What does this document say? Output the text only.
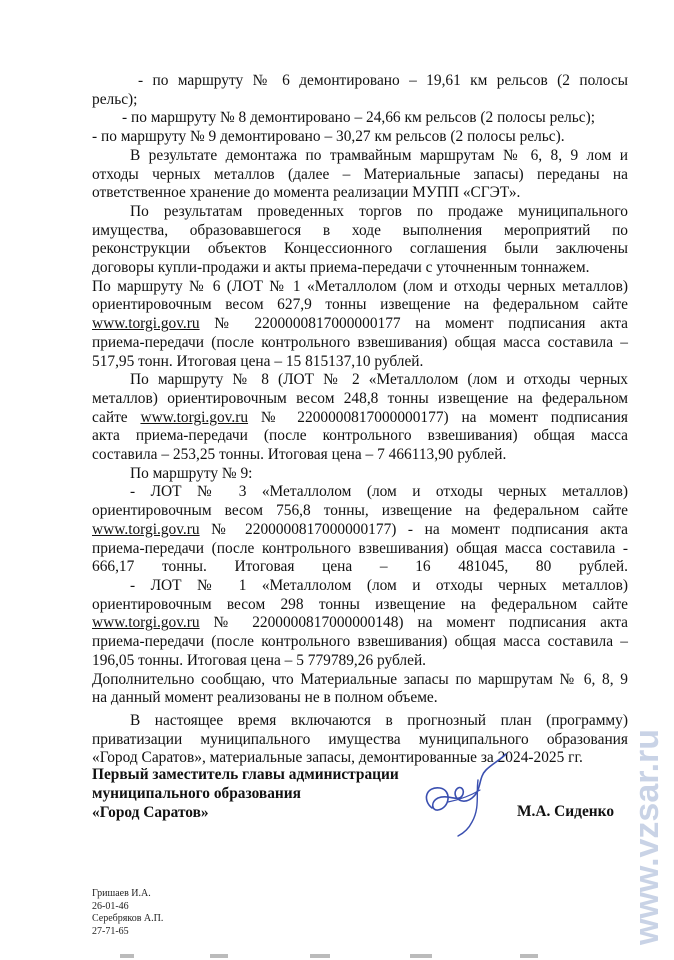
- по маршруту № 6 демонтировано – 19,61 км рельсов (2 полосы

рельс);

- по маршруту № 8 демонтировано – 24,66 км рельсов (2 полосы рельс);

- по маршруту № 9 демонтировано – 30,27 км рельсов (2 полосы рельс).

В результате демонтажа по трамвайным маршрутам № 6, 8, 9 лом и

отходы черных металлов (далее – Материальные запасы) переданы на

ответственное хранение до момента реализации МУПП «СГЭТ».

По результатам проведенных торгов по продаже муниципального

имущества, образовавшегося в ходе выполнения мероприятий по

реконструкции объектов Концессионного соглашения были заключены

договоры купли-продажи и акты приема-передачи с уточненным тоннажем.

По маршруту № 6 (ЛОТ № 1 «Металлолом (лом и отходы черных металлов)

ориентировочным весом 627,9 тонны извещение на федеральном сайте

www.torgi.gov.ru № 2200000817000000177 на момент подписания акта

приема-передачи (после контрольного взвешивания) общая масса составила –

517,95 тонн. Итоговая цена – 15 815137,10 рублей.

По маршруту № 8 (ЛОТ № 2 «Металлолом (лом и отходы черных

металлов) ориентировочным весом 248,8 тонны извещение на федеральном

сайте www.torgi.gov.ru № 2200000817000000177) на момент подписания

акта приема-передачи (после контрольного взвешивания) общая масса

составила – 253,25 тонны. Итоговая цена – 7 466113,90 рублей.

По маршруту № 9:

- ЛОТ № 3 «Металлолом (лом и отходы черных металлов)

ориентировочным весом 756,8 тонны, извещение на федеральном сайте

www.torgi.gov.ru № 2200000817000000177) - на момент подписания акта

приема-передачи (после контрольного взвешивания) общая масса составила -

666,17 тонны. Итоговая цена – 16 481045, 80 рублей.

- ЛОТ № 1 «Металлолом (лом и отходы черных металлов)

ориентировочным весом 298 тонны извещение на федеральном сайте

www.torgi.gov.ru № 2200000817000000148) на момент подписания акта

приема-передачи (после контрольного взвешивания) общая масса составила –

196,05 тонны. Итоговая цена – 5 779789,26 рублей.

Дополнительно сообщаю, что Материальные запасы по маршрутам № 6, 8, 9

на данный момент реализованы не в полном объеме.

В настоящее время включаются в прогнозный план (программу)

приватизации муниципального имущества муниципального образования

«Город Саратов», материальные запасы, демонтированные за 2024-2025 гг.

Первый заместитель главы администрации
муниципального образования
«Город Саратов»	М.А. Сиденко
Гришаев И.А.
26-01-46
Серебряков А.П.
27-71-65	www.vzsar.ru
